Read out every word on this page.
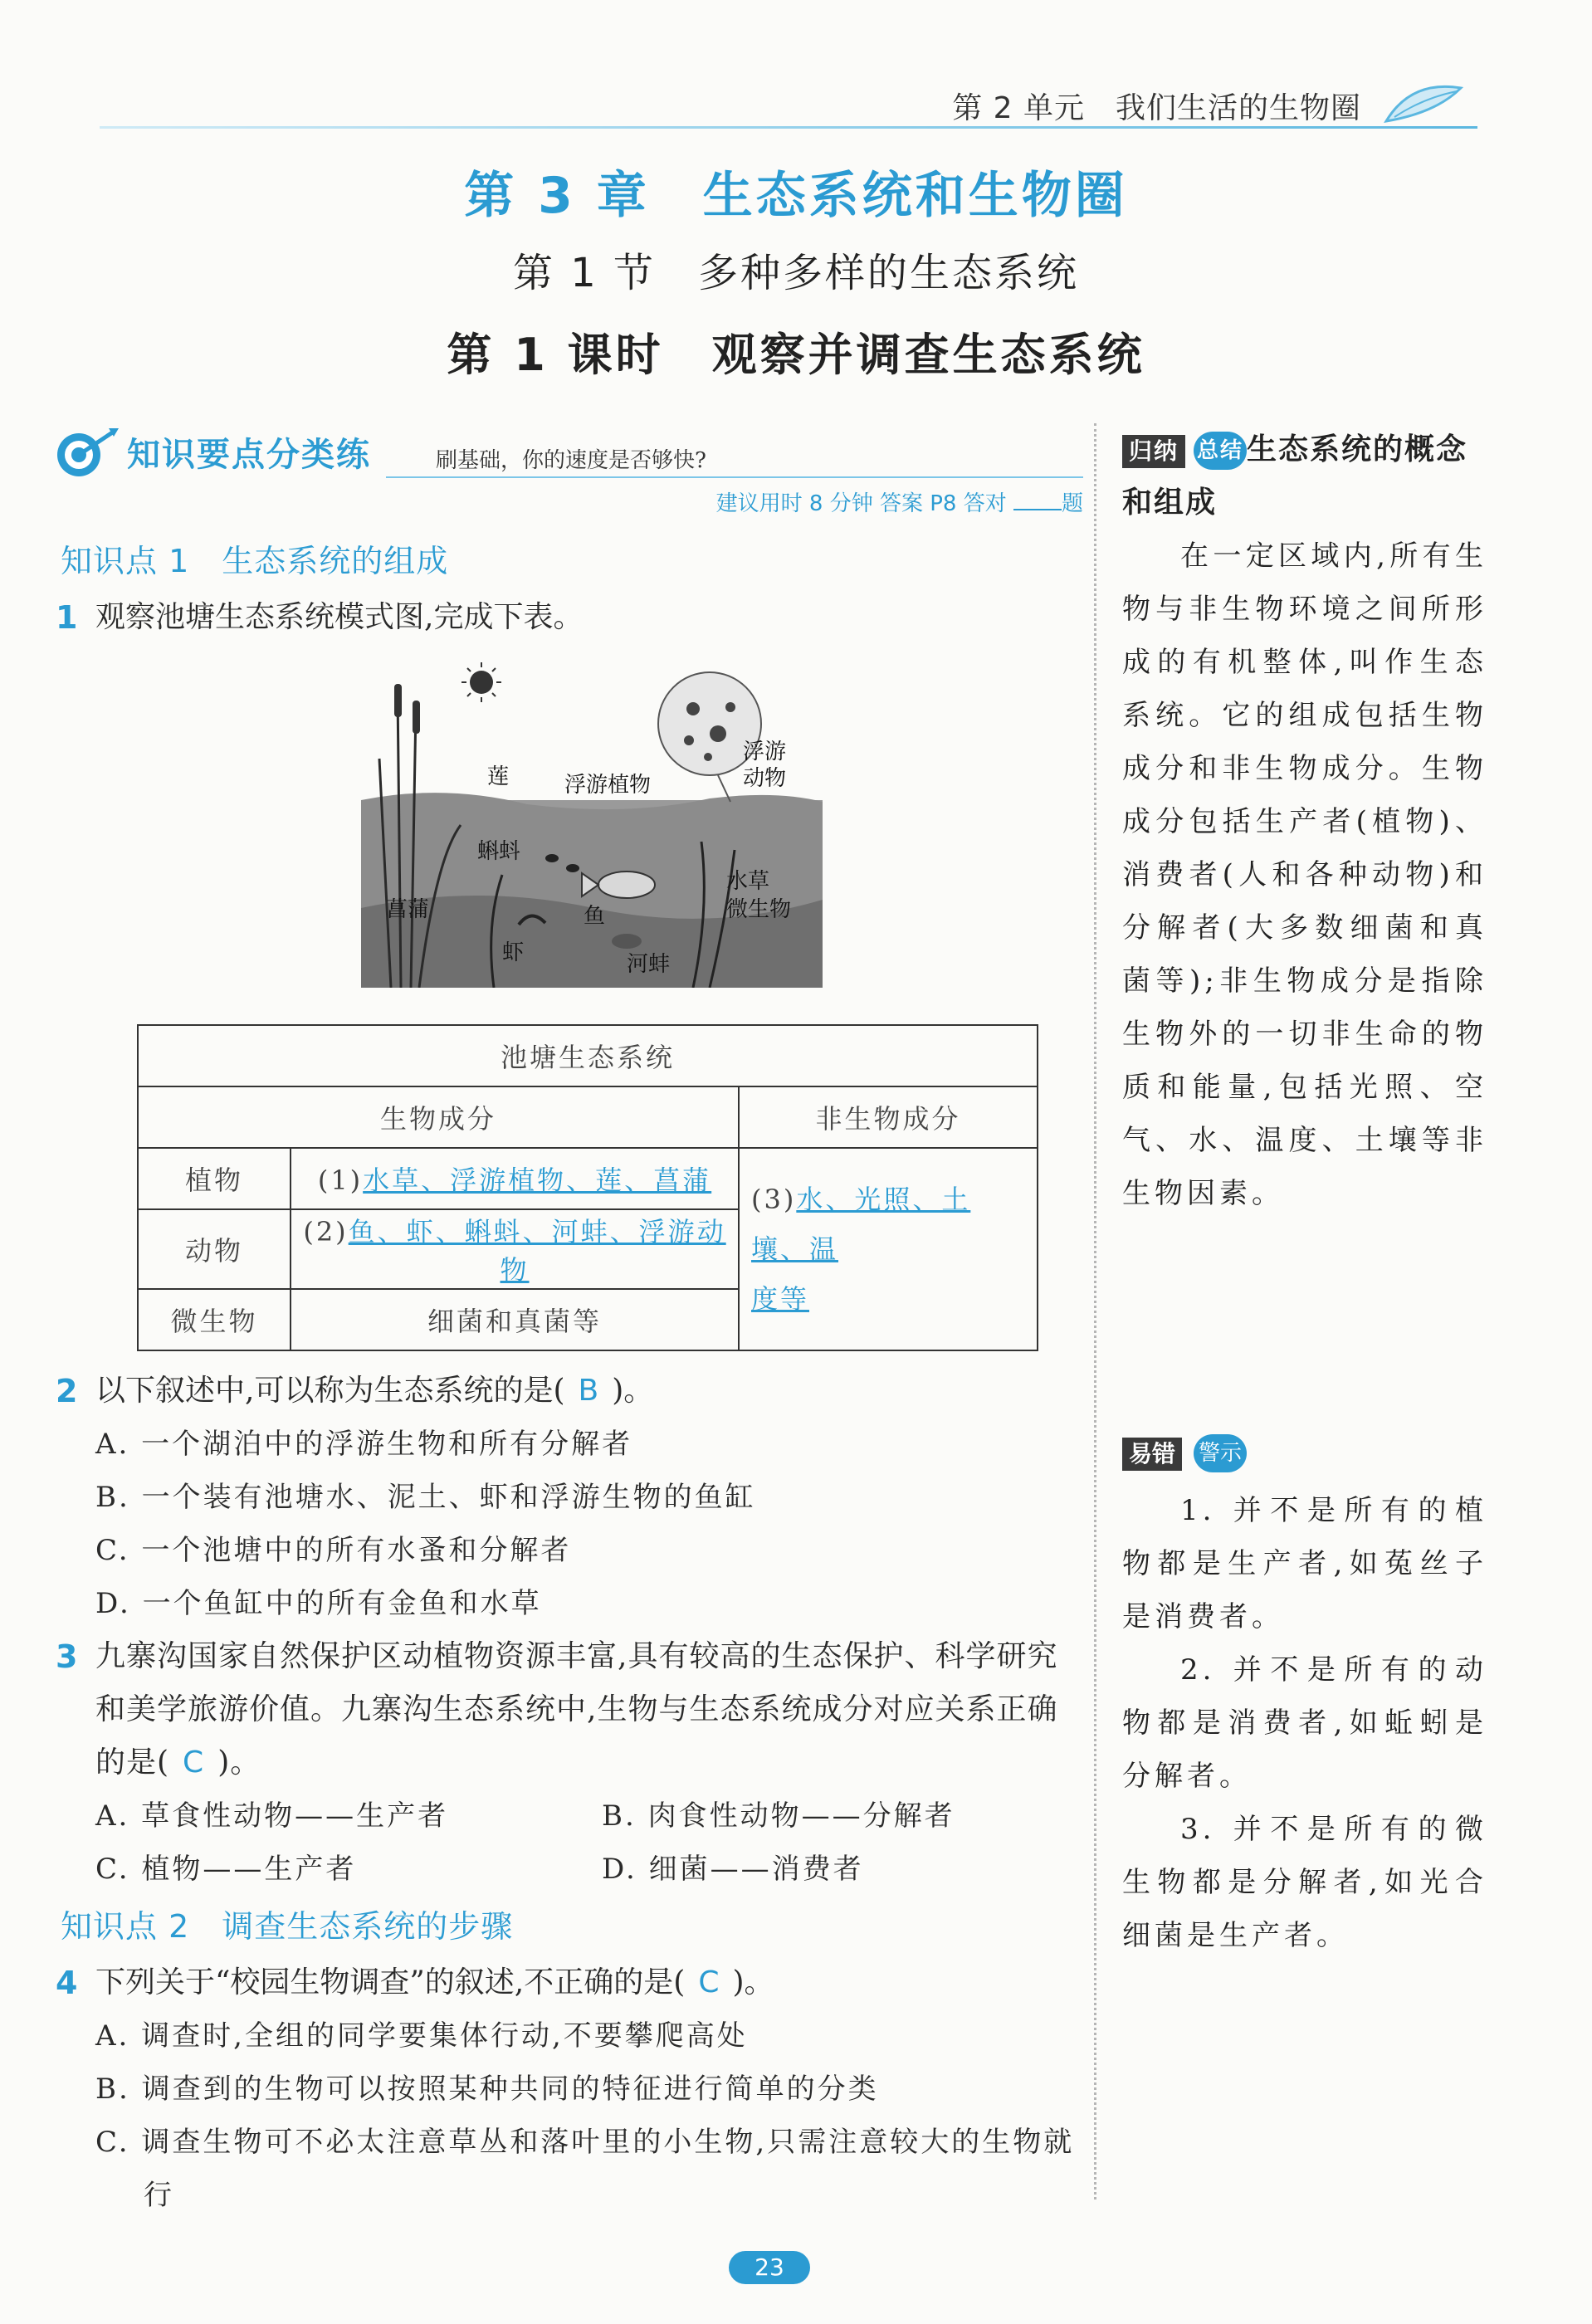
第 2 单元　我们生活的生物圈
第 3 章　生态系统和生物圈
第 1 节　多种多样的生态系统
第 1 课时　观察并调查生态系统
知识要点分类练	刷基础，你的速度是否够快?
建议用时 8 分钟 答案 P8 答对	题
知识点 1　生态系统的组成
1 观察池塘生态系统模式图,完成下表。
莲	浮游植物
浮游
动物
蝌蚪
菖蒲
虾
鱼
河蚌
水草
微生物
池塘生态系统		
生物成分		非生物成分
植物	(1)水草、浮游植物、莲、菖蒲	(3)水、光照、土壤、温
度等
动物	(2)鱼、虾、蝌蚪、河蚌、浮游动物	
微生物	细菌和真菌等	
2 以下叙述中,可以称为生态系统的是( B )。
A. 一个湖泊中的浮游生物和所有分解者
B. 一个装有池塘水、泥土、虾和浮游生物的鱼缸
C. 一个池塘中的所有水蚤和分解者
D. 一个鱼缸中的所有金鱼和水草
3 九寨沟国家自然保护区动植物资源丰富,具有较高的生态保护、科学研究和美学旅游价值。九寨沟生态系统中,生物与生态系统成分对应关系正确的是( C )。
A. 草食性动物——生产者	B. 肉食性动物——分解者
C. 植物——生产者	D. 细菌——消费者
知识点 2　调查生态系统的步骤
4 下列关于“校园生物调查”的叙述,不正确的是( C )。
A. 调查时,全组的同学要集体行动,不要攀爬高处
B. 调查到的生物可以按照某种共同的特征进行简单的分类
C. 调查生物可不必太注意草丛和落叶里的小生物,只需注意较大的生物就行
归纳 总结 生态系统的概念
和组成

在一定区域内,所有生物与非生物环境之间所形成的有机整体,叫作生态系统。它的组成包括生物成分和非生物成分。生物成分包括生产者(植物)、消费者(人和各种动物)和分解者(大多数细菌和真菌等);非生物成分是指除生物外的一切非生命的物质和能量,包括光照、空气、水、温度、土壤等非生物因素。

易错	警示

1. 并不是所有的植物都是生产者,如菟丝子是消费者。

2. 并不是所有的动物都是消费者,如蚯蚓是分解者。

3. 并不是所有的微生物都是分解者,如光合细菌是生产者。

23
